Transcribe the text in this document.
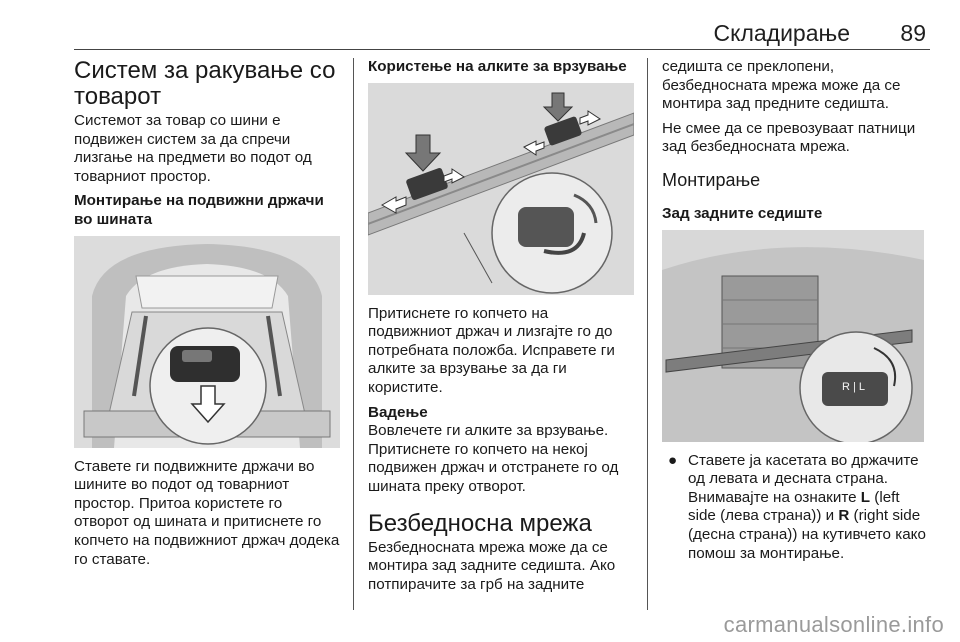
Складирање 89
Систем за ракување со товарот

Системот за товар со шини е подвижен систем за да спречи лизгање на предмети во подот од товарниот простор.

Монтирање на подвижни држачи во шината

Ставете ги подвижните држачи во шините во подот од товарниот простор. Притоа користете го отворот од шината и притиснете го копчето на подвижниот држач додека го ставате.

Користење на алките за врзување

Притиснете го копчето на подвижниот држач и лизгајте го до потребната положба. Исправете ги алките за врзување за да ги користите.

Вадење

Вовлечете ги алките за врзување. Притиснете го копчето на некој подвижен држач и отстранете го од шината преку отворот.

Безбедносна мрежа

Безбедносната мрежа може да се монтира зад задните седишта. Ако потпирачите за грб на задните

седишта се преклопени, безбедносната мрежа може да се монтира зад предните седишта.

Не смее да се превозуваат патници зад безбедносната мрежа.

Монтирање
Зад задните седиште
R | L
● Ставете ја касетата во држачите од левата и десната страна. Внимавајте на ознаките L (left side (лева страна)) и R (right side (десна страна)) на кутивчето како помош за монтирање.
carmanualsonline.info
